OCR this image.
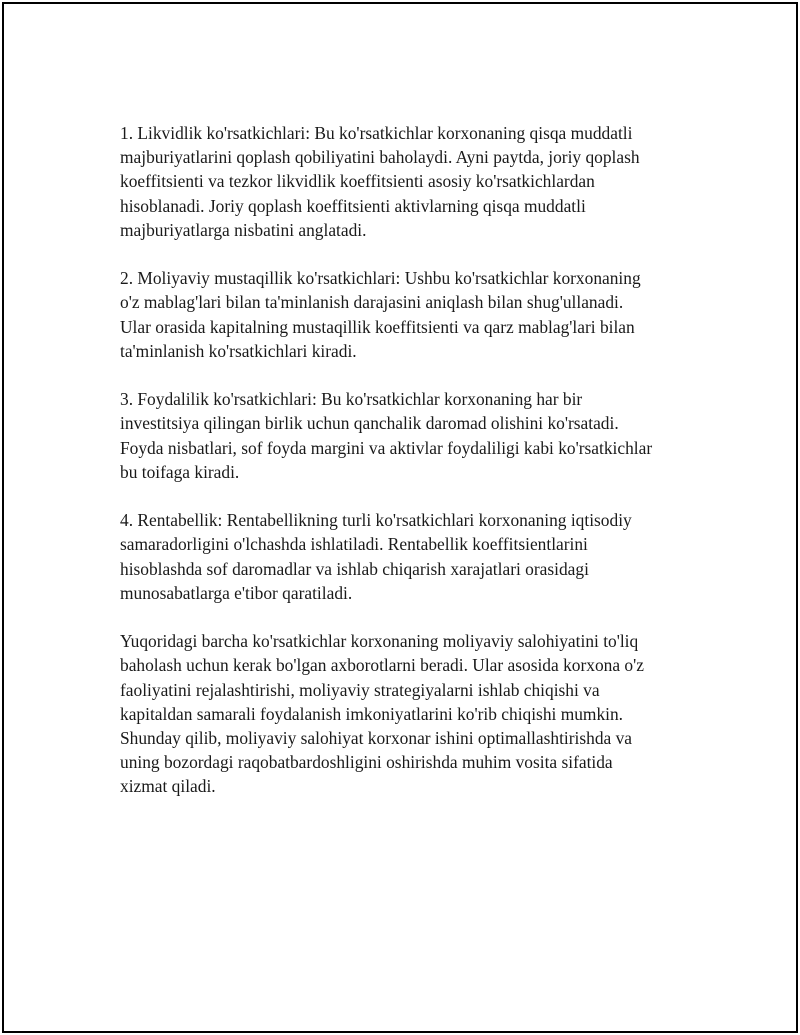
1. Likvidlik ko'rsatkichlari: Bu ko'rsatkichlar korxonaning qisqa muddatli
majburiyatlarini qoplash qobiliyatini baholaydi. Ayni paytda, joriy qoplash
koeffitsienti va tezkor likvidlik koeffitsienti asosiy ko'rsatkichlardan
hisoblanadi. Joriy qoplash koeffitsienti aktivlarning qisqa muddatli
majburiyatlarga nisbatini anglatadi.

2. Moliyaviy mustaqillik ko'rsatkichlari: Ushbu ko'rsatkichlar korxonaning
o'z mablag'lari bilan ta'minlanish darajasini aniqlash bilan shug'ullanadi.
Ular orasida kapitalning mustaqillik koeffitsienti va qarz mablag'lari bilan
ta'minlanish ko'rsatkichlari kiradi.

3. Foydalilik ko'rsatkichlari: Bu ko'rsatkichlar korxonaning har bir
investitsiya qilingan birlik uchun qanchalik daromad olishini ko'rsatadi.
Foyda nisbatlari, sof foyda margini va aktivlar foydaliligi kabi ko'rsatkichlar
bu toifaga kiradi.

4. Rentabellik: Rentabellikning turli ko'rsatkichlari korxonaning iqtisodiy
samaradorligini o'lchashda ishlatiladi. Rentabellik koeffitsientlarini
hisoblashda sof daromadlar va ishlab chiqarish xarajatlari orasidagi
munosabatlarga e'tibor qaratiladi.

Yuqoridagi barcha ko'rsatkichlar korxonaning moliyaviy salohiyatini to'liq
baholash uchun kerak bo'lgan axborotlarni beradi. Ular asosida korxona o'z
faoliyatini rejalashtirishi, moliyaviy strategiyalarni ishlab chiqishi va
kapitaldan samarali foydalanish imkoniyatlarini ko'rib chiqishi mumkin.
Shunday qilib, moliyaviy salohiyat korxonar ishini optimallashtirishda va
uning bozordagi raqobatbardoshligini oshirishda muhim vosita sifatida
xizmat qiladi.
